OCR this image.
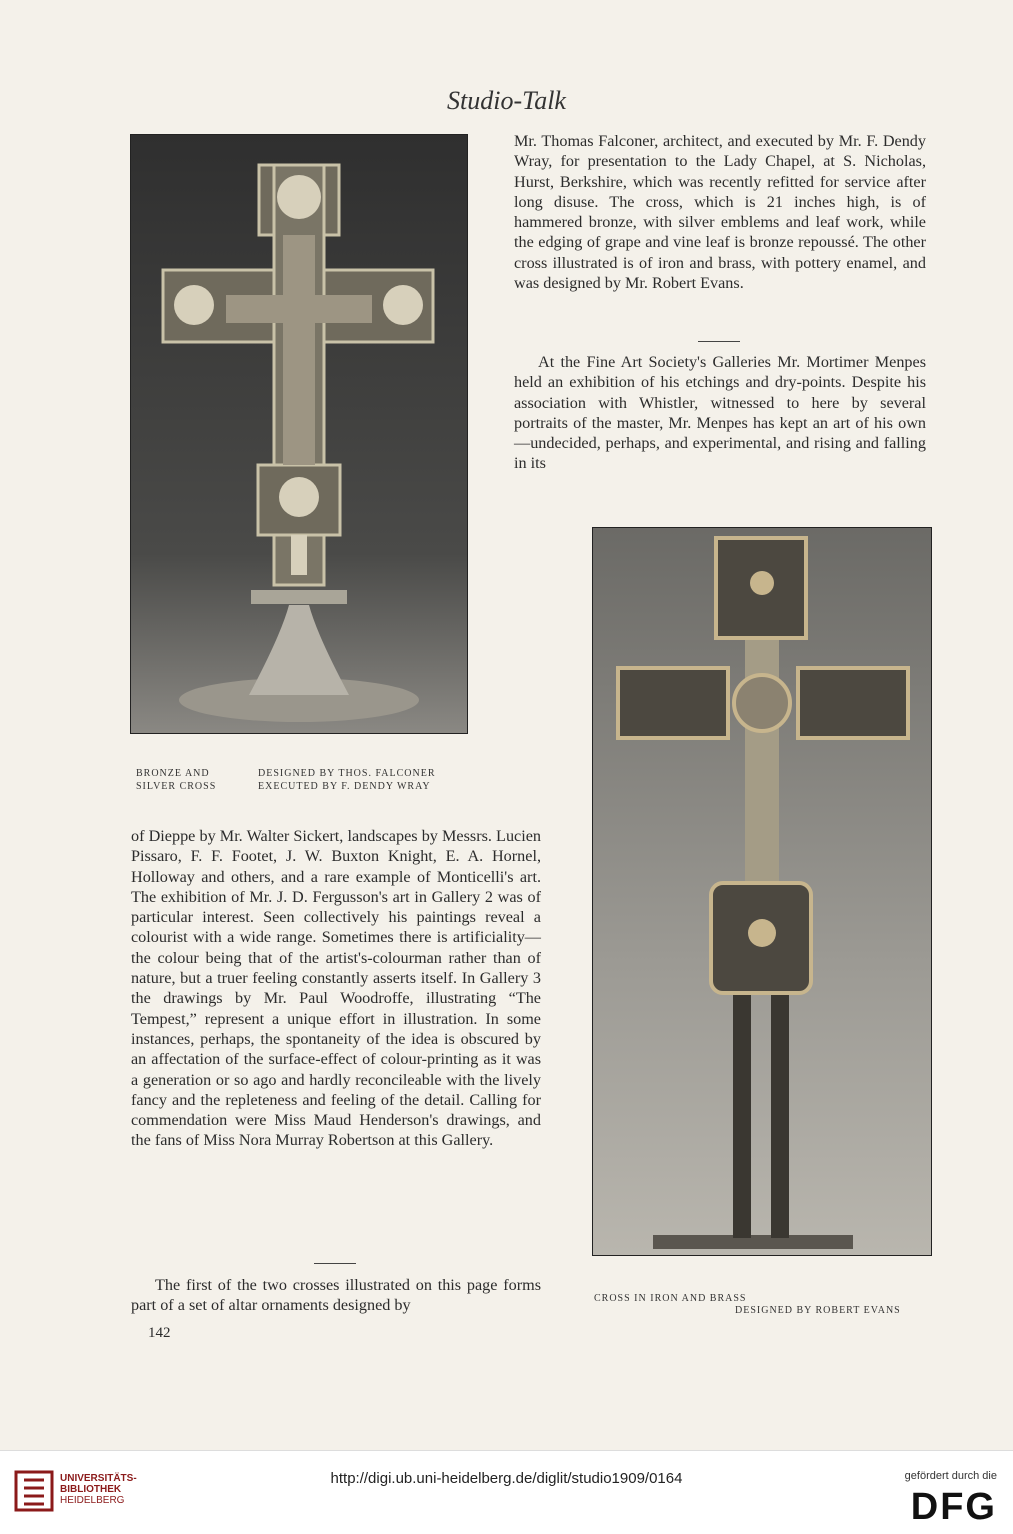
Studio-Talk
BRONZE AND
SILVER CROSS
DESIGNED BY THOS. FALCONER
EXECUTED BY F. DENDY WRAY

Mr. Thomas Falconer, architect, and executed by Mr. F. Dendy Wray, for presentation to the Lady Chapel, at S. Nicholas, Hurst, Berkshire, which was recently refitted for service after long disuse. The cross, which is 21 inches high, is of hammered bronze, with silver emblems and leaf work, while the edging of grape and vine leaf is bronze repoussé. The other cross illustrated is of iron and brass, with pottery enamel, and was designed by Mr. Robert Evans.

At the Fine Art Society's Galleries Mr. Mortimer Menpes held an exhibition of his etchings and dry-points. Despite his association with Whistler, witnessed to here by several portraits of the master, Mr. Menpes has kept an art of his own—undecided, perhaps, and experimental, and rising and falling in its

CROSS IN IRON AND BRASS
DESIGNED BY ROBERT EVANS

of Dieppe by Mr. Walter Sickert, landscapes by Messrs. Lucien Pissaro, F. F. Footet, J. W. Buxton Knight, E. A. Hornel, Holloway and others, and a rare example of Monticelli's art. The exhibition of Mr. J. D. Fergusson's art in Gallery 2 was of particular interest. Seen collectively his paintings reveal a colourist with a wide range. Sometimes there is artificiality—the colour being that of the artist's-colourman rather than of nature, but a truer feeling constantly asserts itself. In Gallery 3 the drawings by Mr. Paul Woodroffe, illustrating “The Tempest,” represent a unique effort in illustration. In some instances, perhaps, the spontaneity of the idea is obscured by an affectation of the surface-effect of colour-printing as it was a generation or so ago and hardly reconcileable with the lively fancy and the repleteness and feeling of the detail. Calling for commendation were Miss Maud Henderson's drawings, and the fans of Miss Nora Murray Robertson at this Gallery.

The first of the two crosses illustrated on this page forms part of a set of altar ornaments designed by

142
UNIVERSITÄTS-
BIBLIOTHEK
HEIDELBERG
http://digi.ub.uni-heidelberg.de/diglit/studio1909/0164	gefördert durch die
DFG
